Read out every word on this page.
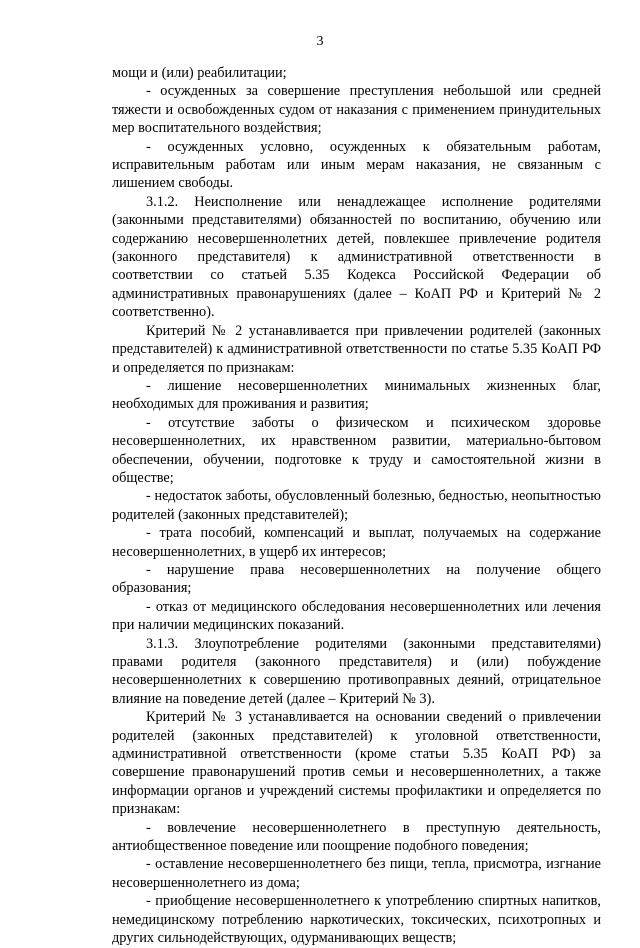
3

мощи и (или) реабилитации;

- осужденных за совершение преступления небольшой или средней тяжести и освобожденных судом от наказания с применением принудительных мер воспитательного воздействия;

- осужденных условно, осужденных к обязательным работам, исправительным работам или иным мерам наказания, не связанным с лишением свободы.

3.1.2. Неисполнение или ненадлежащее исполнение родителями (законными представителями) обязанностей по воспитанию, обучению или содержанию несовершеннолетних детей, повлекшее привлечение родителя (законного представителя) к административной ответственности в соответствии со статьей 5.35 Кодекса Российской Федерации об административных правонарушениях (далее – КоАП РФ и Критерий № 2 соответственно).

Критерий № 2 устанавливается при привлечении родителей (законных представителей) к административной ответственности по статье 5.35 КоАП РФ и определяется по признакам:

- лишение несовершеннолетних минимальных жизненных благ, необходимых для проживания и развития;

- отсутствие заботы о физическом и психическом здоровье несовершеннолетних, их нравственном развитии, материально-бытовом обеспечении, обучении, подготовке к труду и самостоятельной жизни в обществе;

- недостаток заботы, обусловленный болезнью, бедностью, неопытностью родителей (законных представителей);

- трата пособий, компенсаций и выплат, получаемых на содержание несовершеннолетних, в ущерб их интересов;

- нарушение права несовершеннолетних на получение общего образования;

- отказ от медицинского обследования несовершеннолетних или лечения при наличии медицинских показаний.

3.1.3. Злоупотребление родителями (законными представителями) правами родителя (законного представителя) и (или) побуждение несовершеннолетних к совершению противоправных деяний, отрицательное влияние на поведение детей (далее – Критерий № 3).

Критерий № 3 устанавливается на основании сведений о привлечении родителей (законных представителей) к уголовной ответственности, административной ответственности (кроме статьи 5.35 КоАП РФ) за совершение правонарушений против семьи и несовершеннолетних, а также информации органов и учреждений системы профилактики и определяется по признакам:

- вовлечение несовершеннолетнего в преступную деятельность, антиобщественное поведение или поощрение подобного поведения;

- оставление несовершеннолетнего без пищи, тепла, присмотра, изгнание несовершеннолетнего из дома;

- приобщение несовершеннолетнего к употреблению спиртных напитков, немедицинскому потреблению наркотических, токсических, психотропных и других сильнодействующих, одурманивающих веществ;
